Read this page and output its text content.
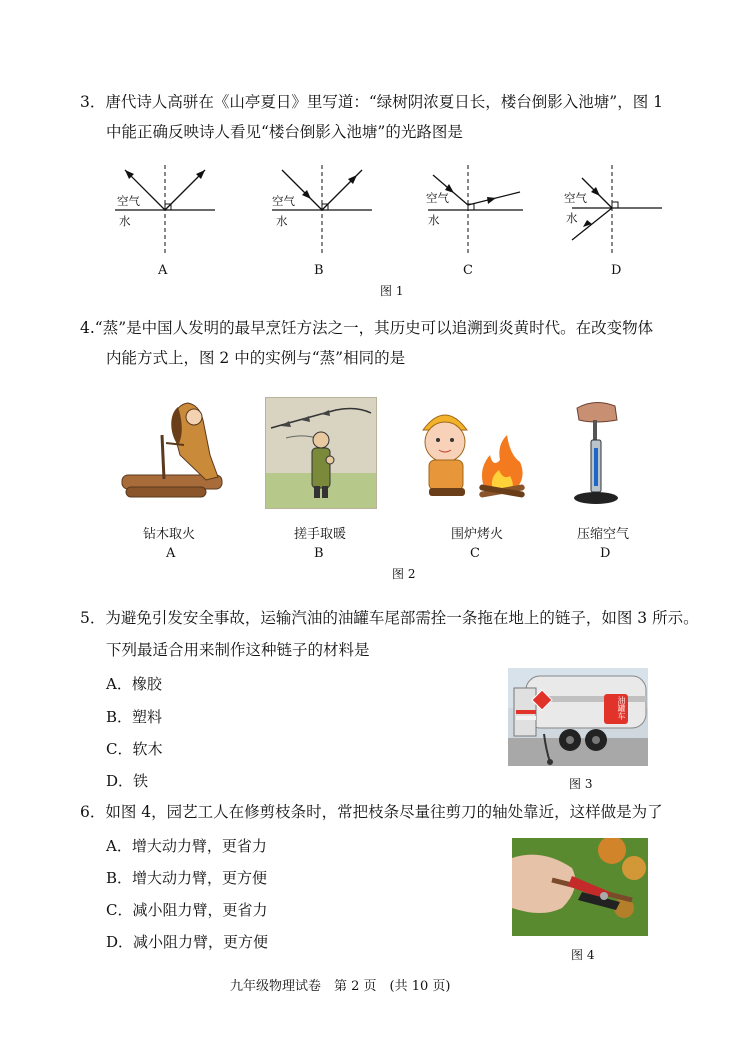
3．唐代诗人高骈在《山亭夏日》里写道：“绿树阴浓夏日长，楼台倒影入池塘”，图 1
中能正确反映诗人看见“楼台倒影入池塘”的光路图是
空气
水
A
空气
水
B
空气
水
C
空气
水
D
图 1
4.“蒸”是中国人发明的最早烹饪方法之一，其历史可以追溯到炎黄时代。在改变物体
内能方式上，图 2 中的实例与“蒸”相同的是
钻木取火
A
搓手取暖
B
围炉烤火
C
压缩空气
D
图 2
5．为避免引发安全事故，运输汽油的油罐车尾部需拴一条拖在地上的链子，如图 3 所示。
下列最适合用来制作这种链子的材料是
A．橡胶
B．塑料
C．软木
D．铁
油罐车
图 3
6．如图 4，园艺工人在修剪枝条时，常把枝条尽量往剪刀的轴处靠近，这样做是为了
A．增大动力臂，更省力
B．增大动力臂，更方便
C．减小阻力臂，更省力
D．减小阻力臂，更方便
图 4
九年级物理试卷　第 2 页　(共 10 页)
